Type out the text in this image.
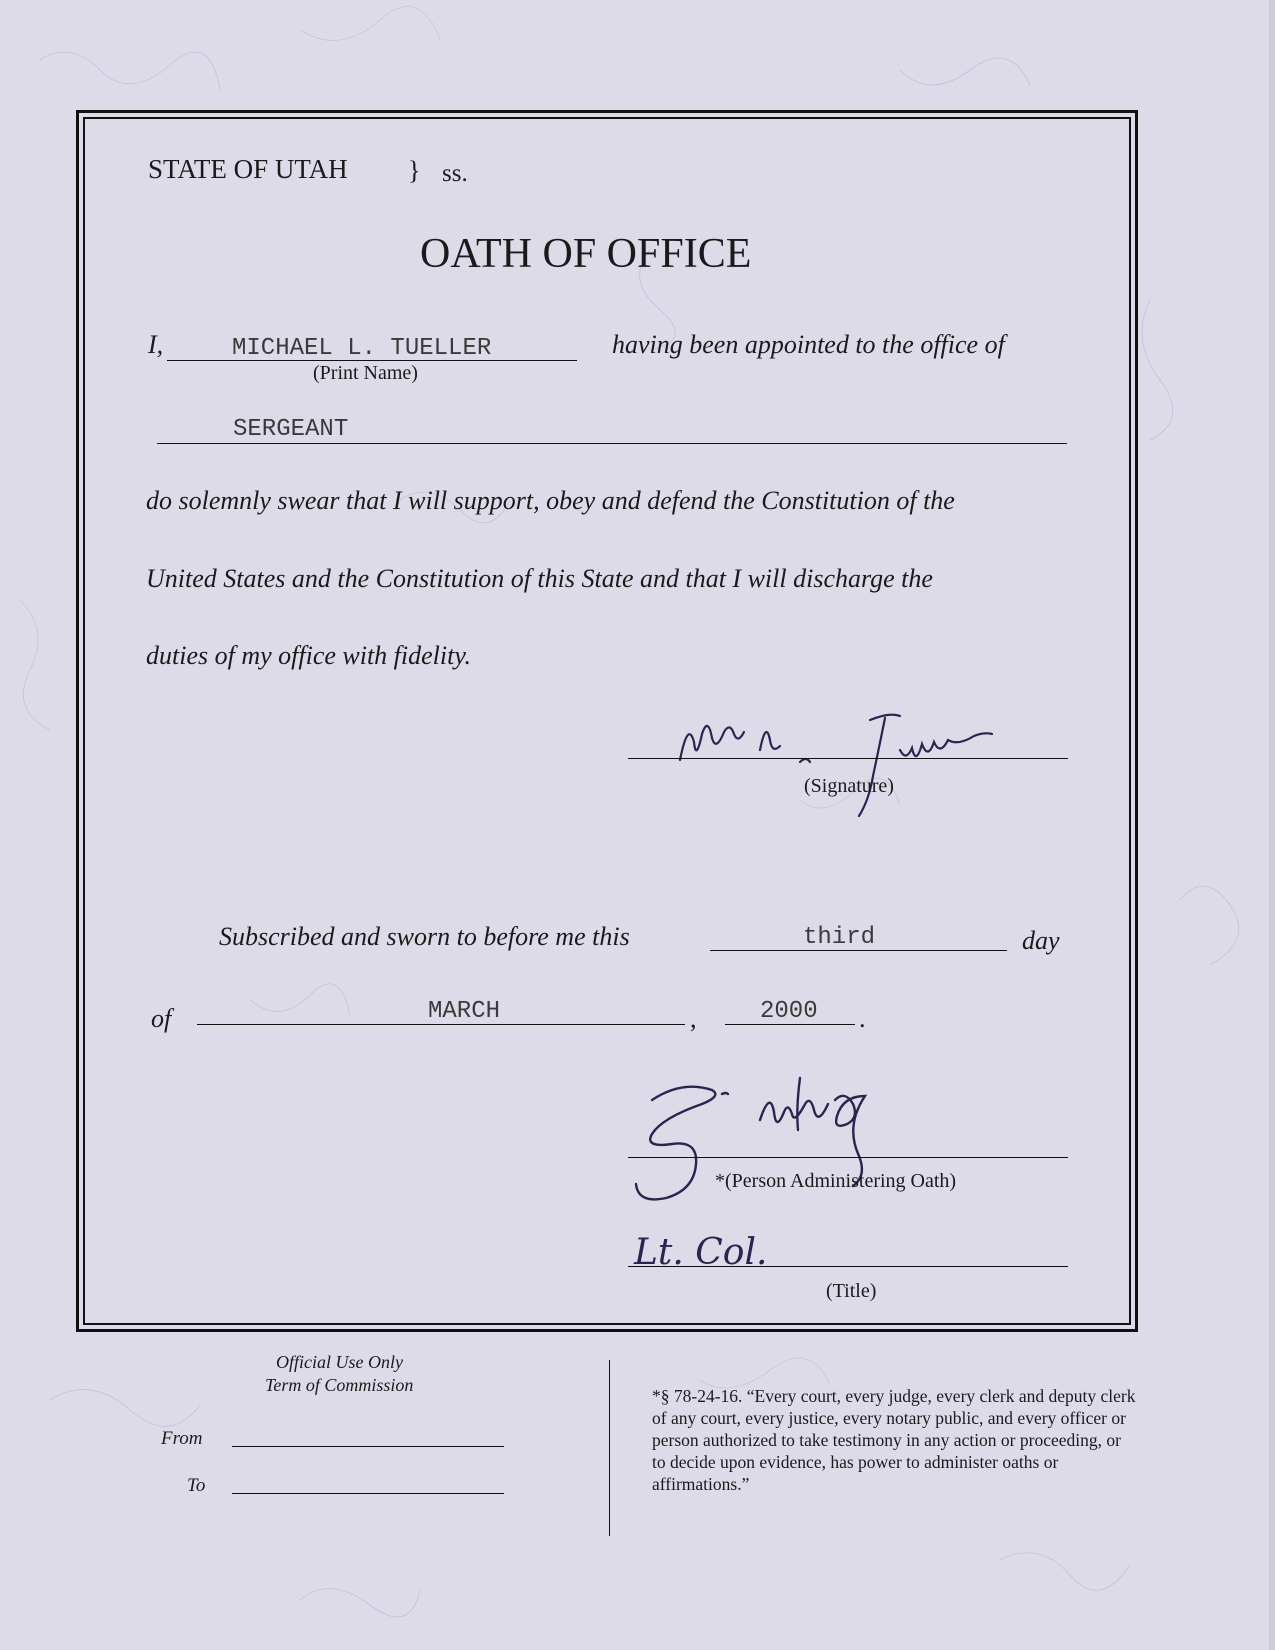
STATE OF UTAH } ss.
OATH OF OFFICE
I,	MICHAEL L. TUELLER
(Print Name)
having been appointed to the office of
SERGEANT
do solemnly swear that I will support, obey and defend the Constitution of the
United States and the Constitution of this State and that I will discharge the
duties of my office with fidelity.
(Signature)
Subscribed and sworn to before me this	third	day
of	MARCH	,	2000 .
*(Person Administering Oath)
Lt. Col.
(Title)
Official Use Only
Term of Commission
From
To
*§ 78-24-16. “Every court, every judge, every clerk and deputy clerk of any court, every justice, every notary public, and every officer or person authorized to take testimony in any action or proceeding, or to decide upon evidence, has power to administer oaths or affirmations.”
